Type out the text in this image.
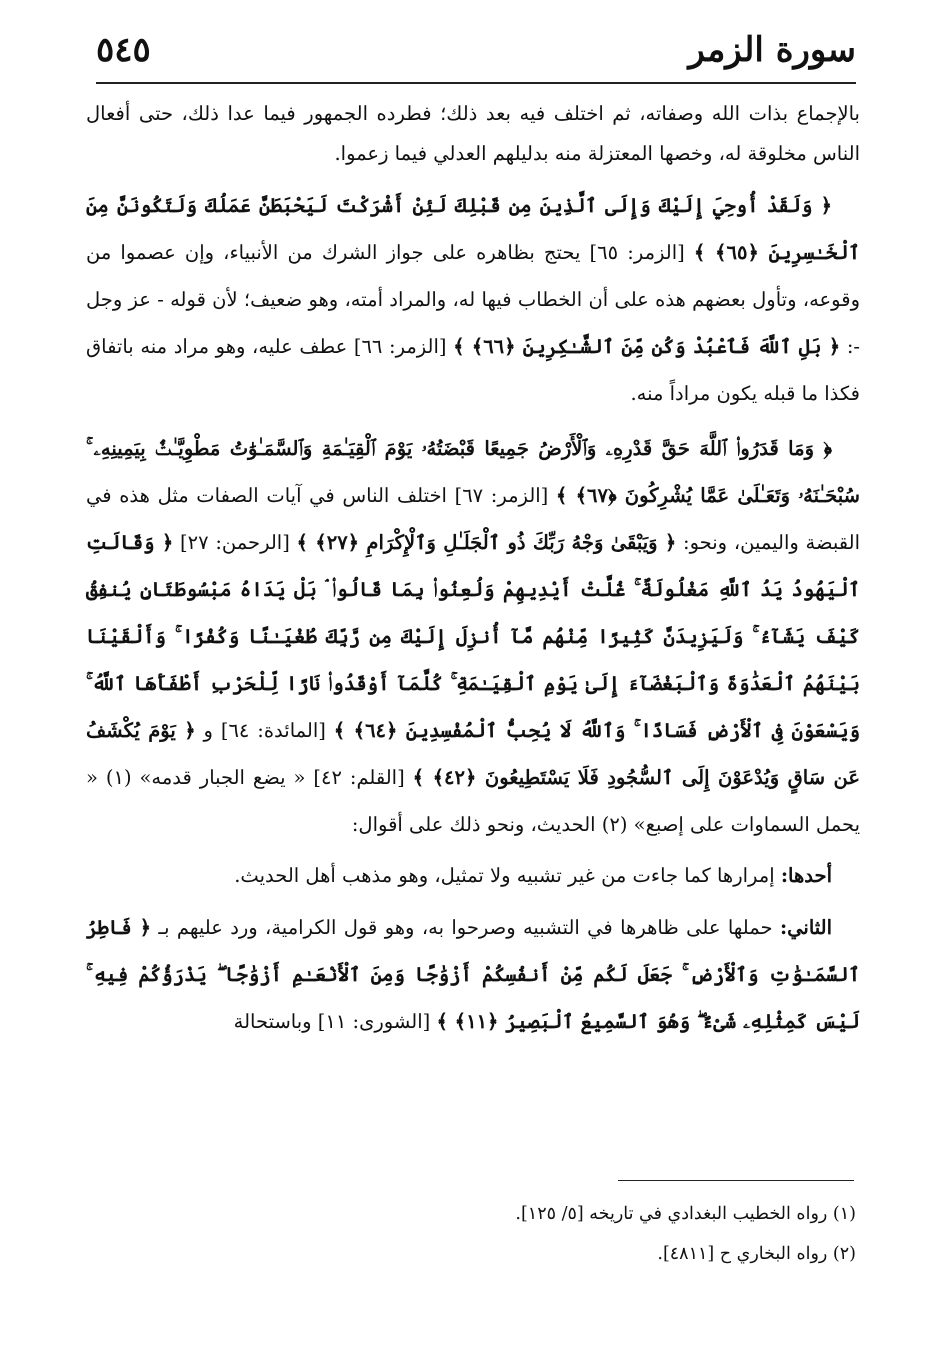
سورة الزمر
٥٤٥

بالإجماع بذات الله وصفاته، ثم اختلف فيه بعد ذلك؛ فطرده الجمهور فيما عدا ذلك، حتى أفعال الناس مخلوقة له، وخصها المعتزلة منه بدليلهم العدلي فيما زعموا.

﴿ وَلَقَدْ أُوحِيَ إِلَيْكَ وَإِلَى ٱلَّذِينَ مِن قَبْلِكَ لَئِنْ أَشْرَكْتَ لَيَحْبَطَنَّ عَمَلُكَ وَلَتَكُونَنَّ مِنَ ٱلْخَـٰسِرِينَ ﴿٦٥﴾ ﴾ [الزمر: ٦٥] يحتج بظاهره على جواز الشرك من الأنبياء، وإن عصموا من وقوعه، وتأول بعضهم هذه على أن الخطاب فيها له، والمراد أمته، وهو ضعيف؛ لأن قوله - عز وجل -: ﴿ بَلِ ٱللَّهَ فَٱعْبُدْ وَكُن مِّنَ ٱلشَّـٰكِرِينَ ﴿٦٦﴾ ﴾ [الزمر: ٦٦] عطف عليه، وهو مراد منه باتفاق فكذا ما قبله يكون مراداً منه.

﴿ وَمَا قَدَرُوا۟ ٱللَّهَ حَقَّ قَدْرِهِۦ وَٱلْأَرْضُ جَمِيعًا قَبْضَتُهُۥ يَوْمَ ٱلْقِيَـٰمَةِ وَٱلسَّمَـٰوَٰتُ مَطْوِيَّـٰتٌۢ بِيَمِينِهِۦ ۚ سُبْحَـٰنَهُۥ وَتَعَـٰلَىٰ عَمَّا يُشْرِكُونَ ﴿٦٧﴾ ﴾ [الزمر: ٦٧] اختلف الناس في آيات الصفات مثل هذه في القبضة واليمين، ونحو: ﴿ وَيَبْقَىٰ وَجْهُ رَبِّكَ ذُو ٱلْجَلَـٰلِ وَٱلْإِكْرَامِ ﴿٢٧﴾ ﴾ [الرحمن: ٢٧] ﴿ وَقَالَتِ ٱلْيَهُودُ يَدُ ٱللَّهِ مَغْلُولَةٌ ۚ غُلَّتْ أَيْدِيهِمْ وَلُعِنُوا۟ بِمَا قَالُوا۟ ۘ بَلْ يَدَاهُ مَبْسُوطَتَانِ يُنفِقُ كَيْفَ يَشَآءُ ۚ وَلَيَزِيدَنَّ كَثِيرًا مِّنْهُم مَّآ أُنزِلَ إِلَيْكَ مِن رَّبِّكَ طُغْيَـٰنًا وَكُفْرًا ۚ وَأَلْقَيْنَا بَيْنَهُمُ ٱلْعَدَٰوَةَ وَٱلْبَغْضَآءَ إِلَىٰ يَوْمِ ٱلْقِيَـٰمَةِ ۚ كُلَّمَآ أَوْقَدُوا۟ نَارًا لِّلْحَرْبِ أَطْفَأَهَا ٱللَّهُ ۚ وَيَسْعَوْنَ فِى ٱلْأَرْضِ فَسَادًا ۚ وَٱللَّهُ لَا يُحِبُّ ٱلْمُفْسِدِينَ ﴿٦٤﴾ ﴾ [المائدة: ٦٤] و ﴿ يَوْمَ يُكْشَفُ عَن سَاقٍ وَيُدْعَوْنَ إِلَى ٱلسُّجُودِ فَلَا يَسْتَطِيعُونَ ﴿٤٢﴾ ﴾ [القلم: ٤٢] « يضع الجبار قدمه» (١) « يحمل السماوات على إصبع» (٢) الحديث، ونحو ذلك على أقوال:

أحدها: إمرارها كما جاءت من غير تشبيه ولا تمثيل، وهو مذهب أهل الحديث.

الثاني: حملها على ظاهرها في التشبيه وصرحوا به، وهو قول الكرامية، ورد عليهم بـ ﴿ فَاطِرُ ٱلسَّمَـٰوَٰتِ وَٱلْأَرْضِ ۚ جَعَلَ لَكُم مِّنْ أَنفُسِكُمْ أَزْوَٰجًا وَمِنَ ٱلْأَنْعَـٰمِ أَزْوَٰجًا ۖ يَذْرَؤُكُمْ فِيهِ ۚ لَيْسَ كَمِثْلِهِۦ شَىْءٌ ۖ وَهُوَ ٱلسَّمِيعُ ٱلْبَصِيرُ ﴿١١﴾ ﴾ [الشورى: ١١] وباستحالة

(١) رواه الخطيب البغدادي في تاريخه [٥/ ١٢٥].
(٢) رواه البخاري ح [٤٨١١].
